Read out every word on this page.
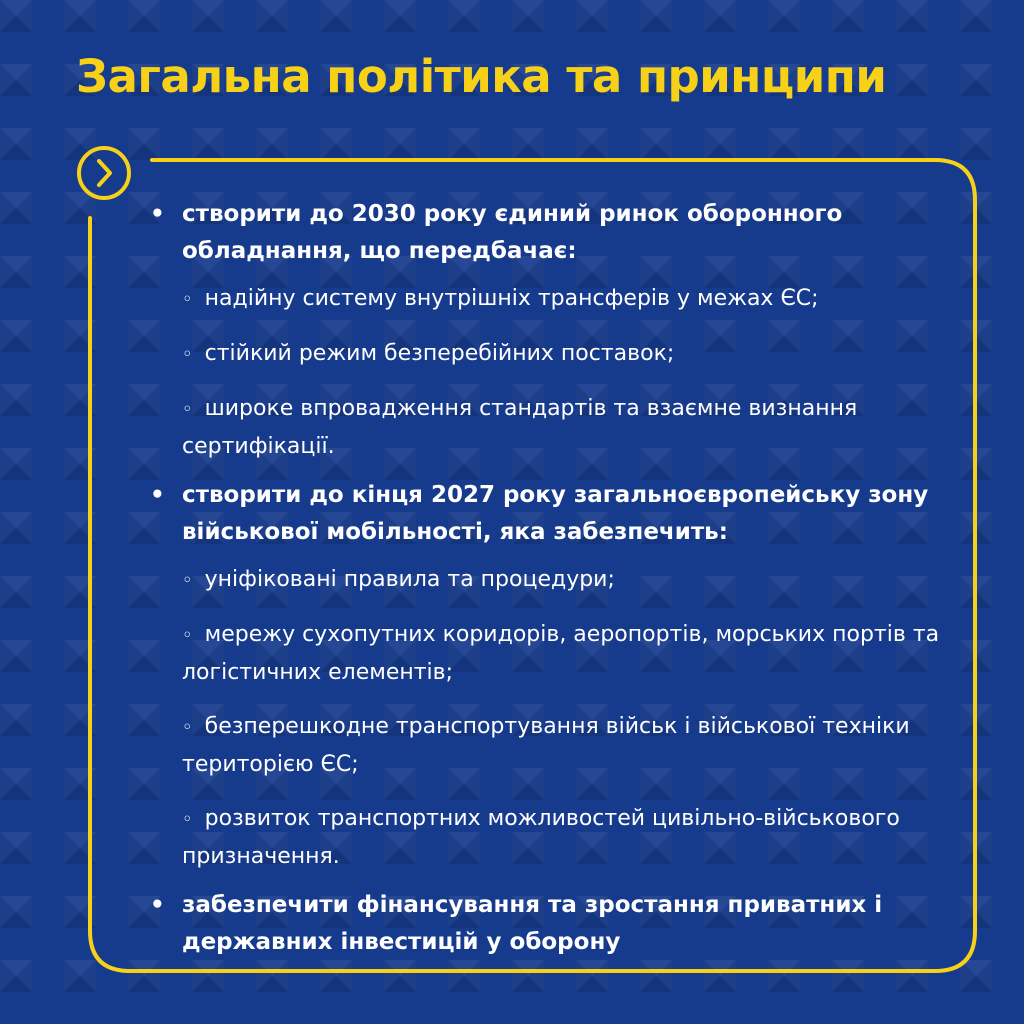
Загальна політика та принципи
• створити до 2030 року єдиний ринок оборонного обладнання, що передбачає:
◦ надійну систему внутрішніх трансферів у межах ЄС;
◦ стійкий режим безперебійних поставок;
◦ широке впровадження стандартів та взаємне визнання сертифікації.
• створити до кінця 2027 року загальноєвропейську зону військової мобільності, яка забезпечить:
◦ уніфіковані правила та процедури;
◦ мережу сухопутних коридорів, аеропортів, морських портів та логістичних елементів;
◦ безперешкодне транспортування військ і військової техніки територією ЄС;
◦ розвиток транспортних можливостей цивільно-військового призначення.
• забезпечити фінансування та зростання приватних і державних інвестицій у оборону
